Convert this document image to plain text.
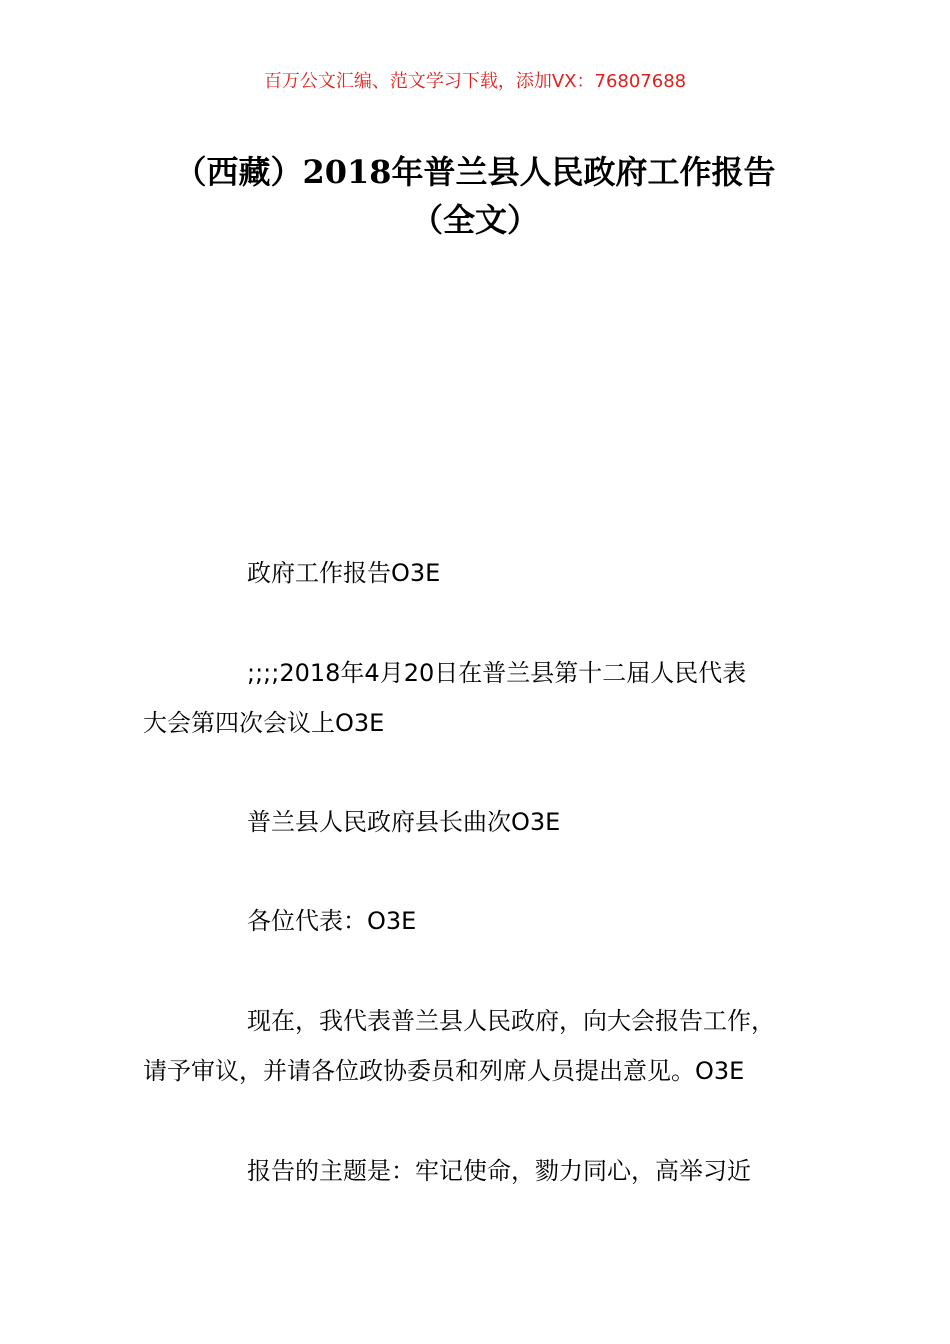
百万公文汇编、范文学习下载，添加VX：76807688
（西藏）2018年普兰县人民政府工作报告
（全文）
政府工作报告O3E
;;;;2018年4月20日在普兰县第十二届人民代表
大会第四次会议上O3E
普兰县人民政府县长曲次O3E
各位代表：O3E
现在，我代表普兰县人民政府，向大会报告工作，
请予审议，并请各位政协委员和列席人员提出意见。O3E
报告的主题是：牢记使命，勠力同心，高举习近
